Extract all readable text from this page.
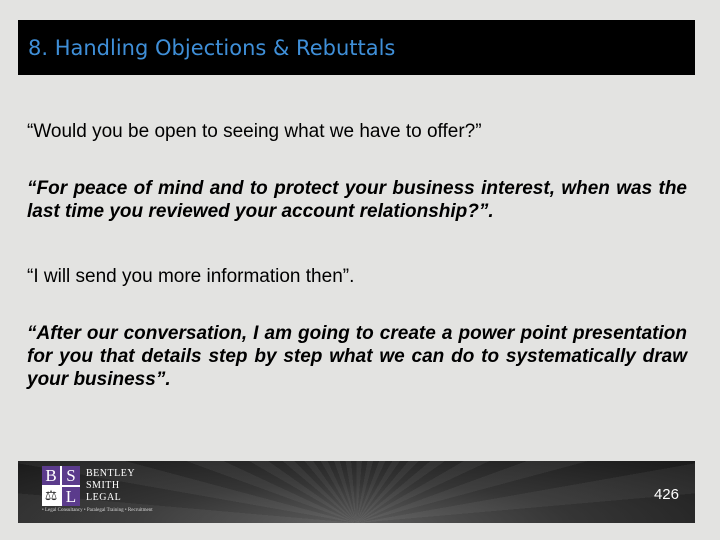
8. Handling Objections & Rebuttals

“Would you be open to seeing what we have to offer?”

“For peace of mind and to protect your business interest, when was the last time you reviewed your account relationship?”.

“I will send you more information then”.

“After our conversation, I am going to create a power point presentation for you that details step by step what we can do to systematically draw your business”.

B S
⚖ L
BENTLEY
SMITH
LEGAL
• Legal Consultancy • Paralegal Training • Recruitment
426
